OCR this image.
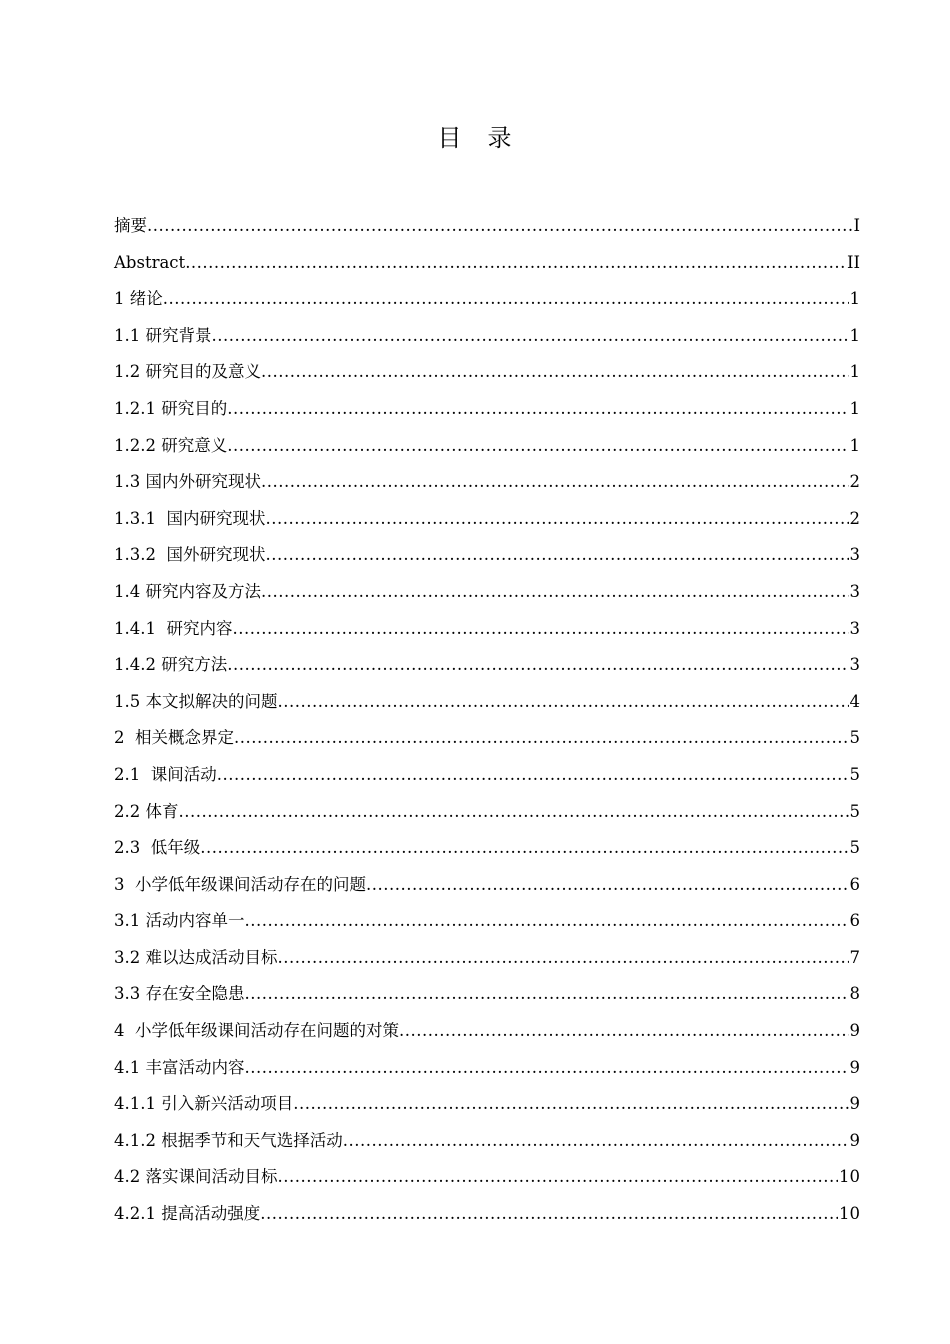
目录
摘要 .....	I
Abstract .....	II
1 绪论 .....	1
1.1 研究背景 .....	1
1.2 研究目的及意义 .....	1
1.2.1 研究目的 .....	1
1.2.2 研究意义 .....	1
1.3 国内外研究现状 .....	2
1.3.1  国内研究现状 .....	2
1.3.2  国外研究现状 .....	3
1.4 研究内容及方法 .....	3
1.4.1  研究内容 .....	3
1.4.2 研究方法 .....	3
1.5 本文拟解决的问题 .....	4
2  相关概念界定 .....	5
2.1  课间活动 .....	5
2.2 体育 .....	5
2.3  低年级 .....	5
3  小学低年级课间活动存在的问题 .....	6
3.1 活动内容单一 .....	6
3.2 难以达成活动目标 .....	7
3.3 存在安全隐患 .....	8
4  小学低年级课间活动存在问题的对策 .....	9
4.1 丰富活动内容 .....	9
4.1.1 引入新兴活动项目 .....	9
4.1.2 根据季节和天气选择活动 .....	9
4.2 落实课间活动目标 .....	10
4.2.1 提高活动强度 .....	10
